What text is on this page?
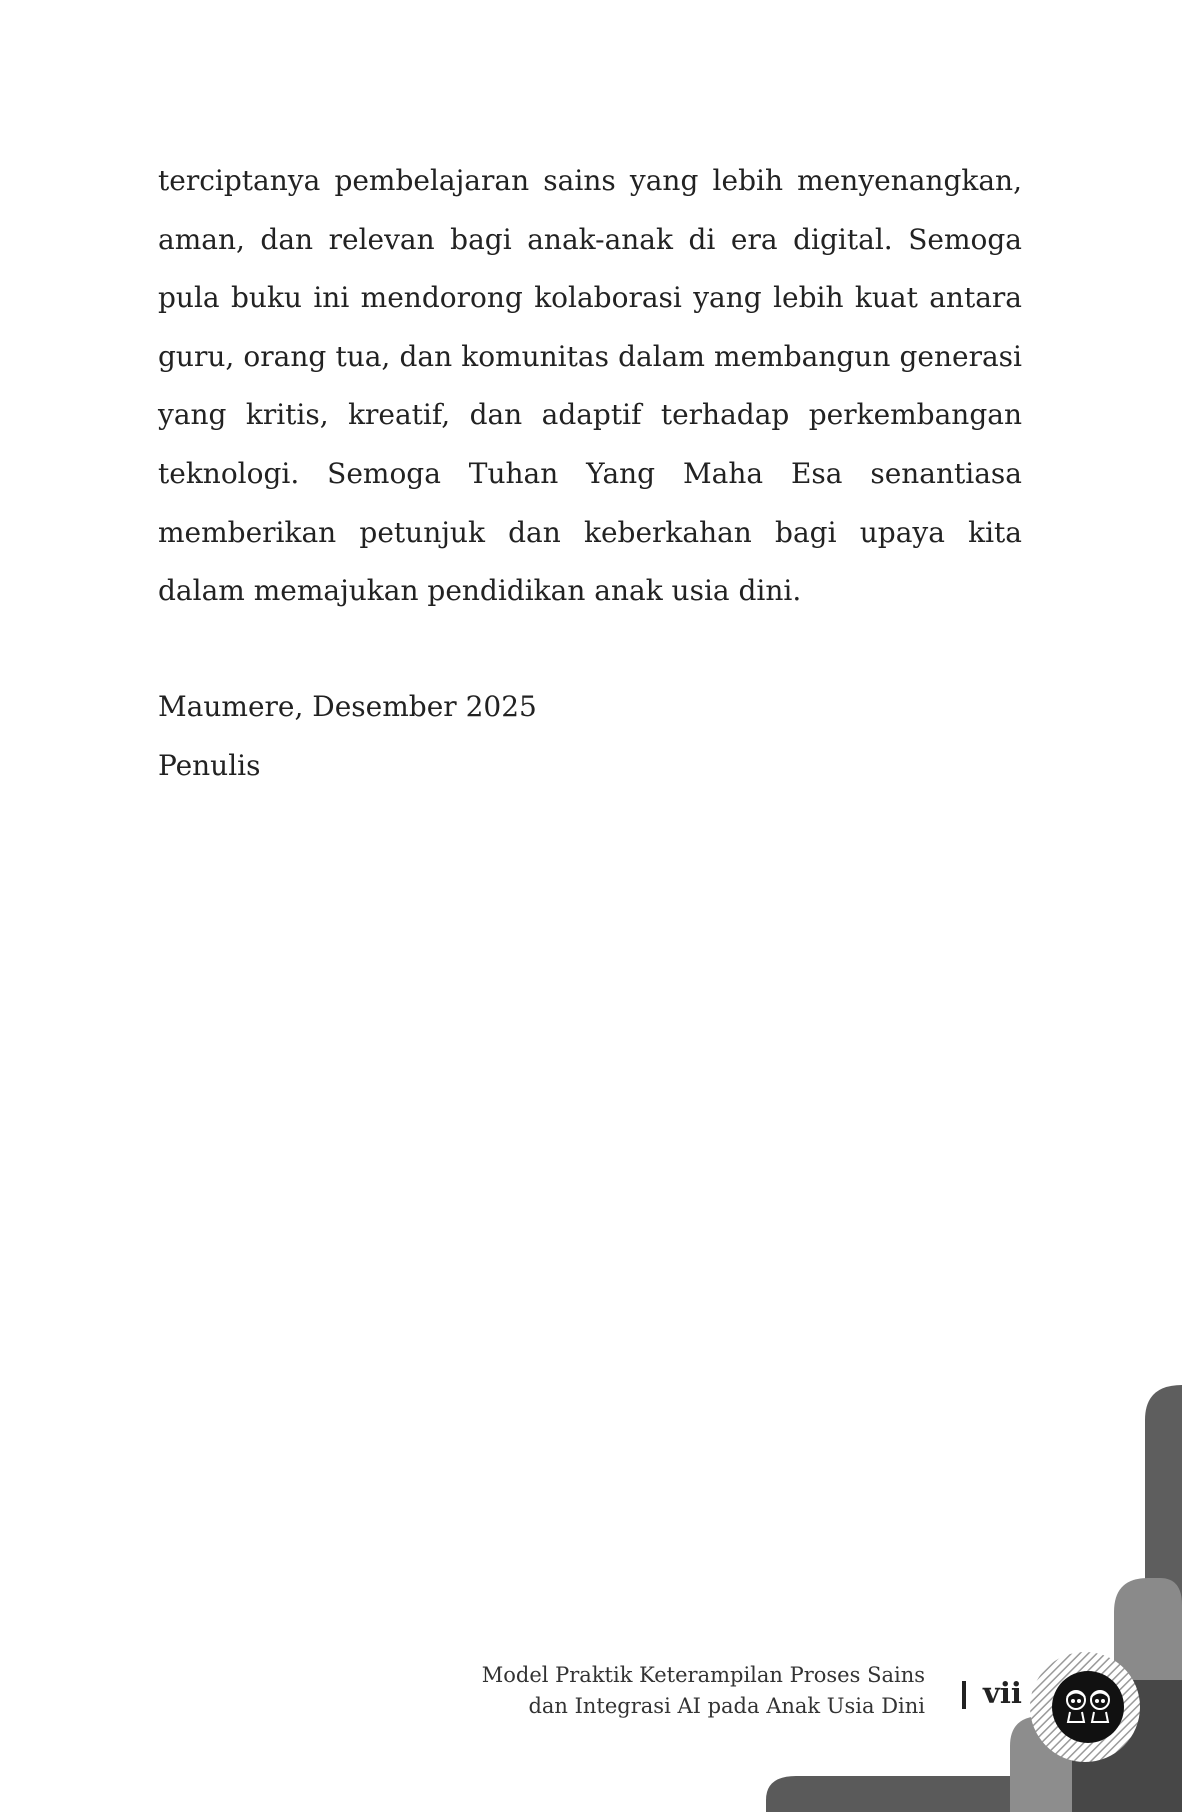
terciptanya pembelajaran sains yang lebih menyenangkan, aman, dan relevan bagi anak-anak di era digital. Semoga pula buku ini mendorong kolaborasi yang lebih kuat antara guru, orang tua, dan komunitas dalam membangun generasi yang kritis, kreatif, dan adaptif terhadap perkembangan teknologi. Semoga Tuhan Yang Maha Esa senantiasa memberikan petunjuk dan keberkahan bagi upaya kita dalam memajukan pendidikan anak usia dini.

Maumere, Desember 2025
Penulis
Model Praktik Keterampilan Proses Sains
dan Integrasi AI pada Anak Usia Dini vii
